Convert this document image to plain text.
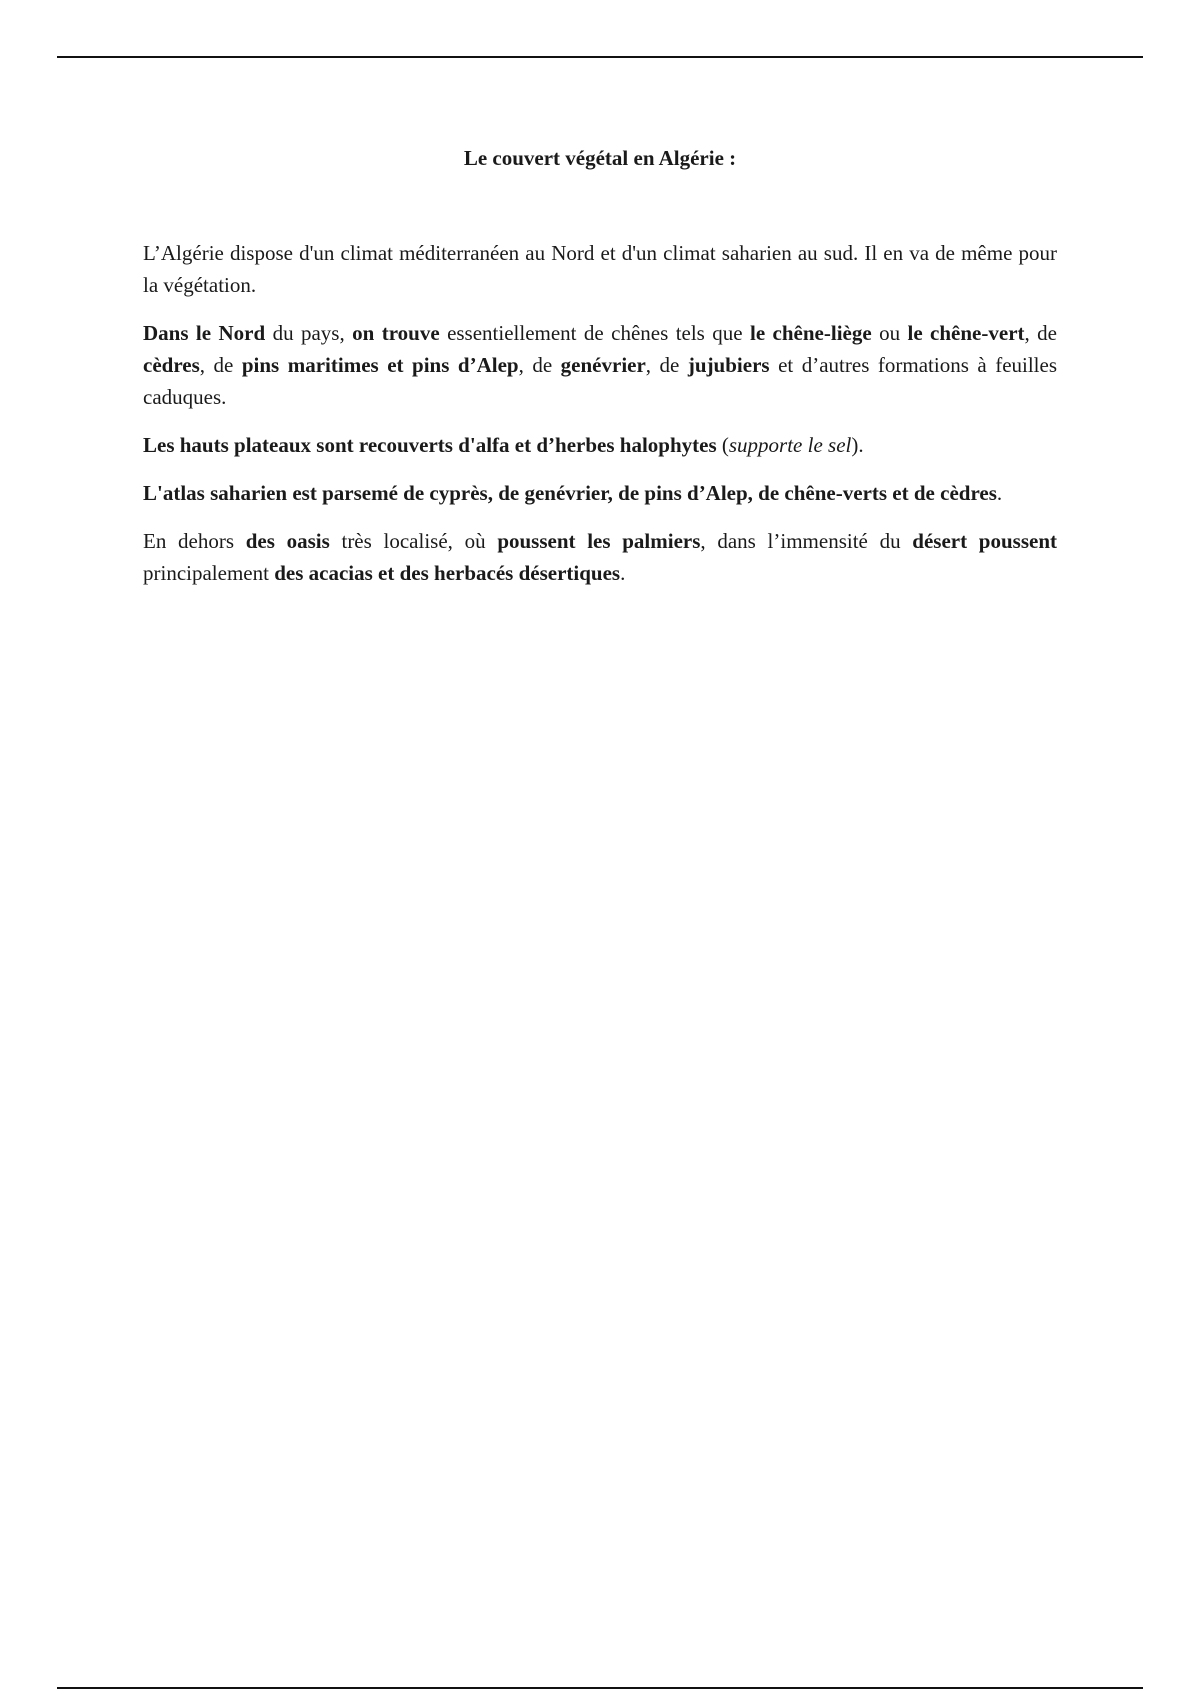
Le couvert végétal en Algérie :

L’Algérie dispose d'un climat méditerranéen au Nord et d'un climat saharien au sud. Il en va de même pour la végétation.

Dans le Nord du pays, on trouve essentiellement de chênes tels que le chêne-liège ou le chêne-vert, de cèdres, de pins maritimes et pins d’Alep, de genévrier, de jujubiers et d’autres formations à feuilles caduques.

Les hauts plateaux sont recouverts d'alfa et d’herbes halophytes (supporte le sel).

L'atlas saharien est parsemé de cyprès, de genévrier, de pins d’Alep, de chêne-verts et de cèdres.

En dehors des oasis très localisé, où poussent les palmiers, dans l’immensité du désert poussent principalement des acacias et des herbacés désertiques.
